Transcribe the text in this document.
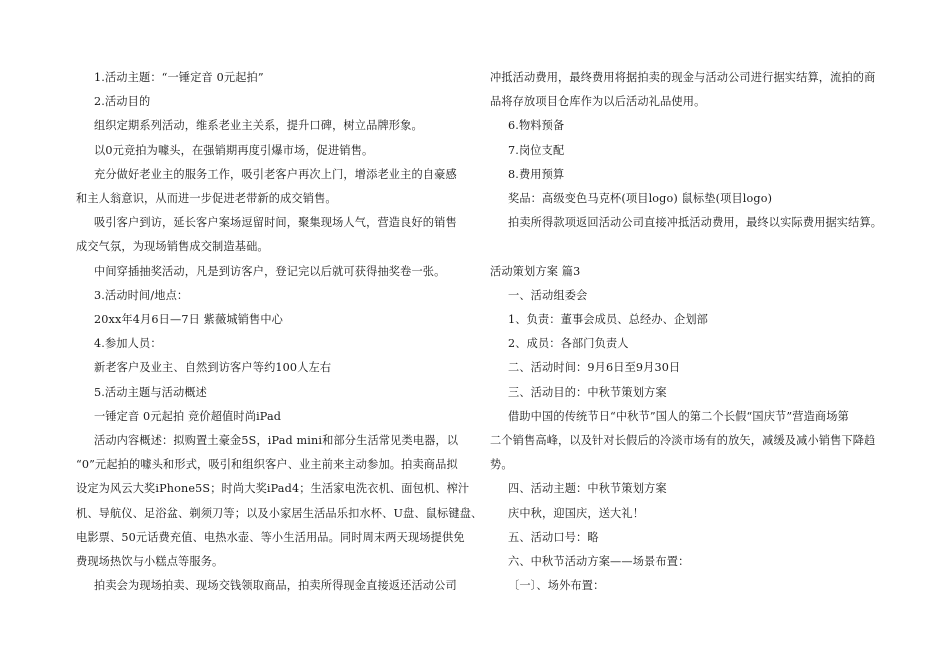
1.活动主题：“一锤定音 0元起拍”
2.活动目的
组织定期系列活动，维系老业主关系，提升口碑，树立品牌形象。
以0元竞拍为噱头，在强销期再度引爆市场，促进销售。
充分做好老业主的服务工作，吸引老客户再次上门，增添老业主的自豪感
和主人翁意识，从而进一步促进老带新的成交销售。
吸引客户到访，延长客户案场逗留时间，聚集现场人气，营造良好的销售
成交气氛，为现场销售成交制造基础。
中间穿插抽奖活动，凡是到访客户，登记完以后就可获得抽奖卷一张。
3.活动时间/地点：
20xx年4月6日—7日 紫薇城销售中心
4.参加人员：
新老客户及业主、自然到访客户等约100人左右
5.活动主题与活动概述
一锤定音 0元起拍 竞价超值时尚iPad
活动内容概述：拟购置土豪金5S，iPad mini和部分生活常见类电器，以
“0”元起拍的噱头和形式，吸引和组织客户、业主前来主动参加。拍卖商品拟
设定为风云大奖iPhone5S；时尚大奖iPad4；生活家电洗衣机、面包机、榨汁
机、导航仪、足浴盆、剃须刀等；以及小家居生活品乐扣水杯、U盘、鼠标键盘、
电影票、50元话费充值、电热水壶、等小生活用品。同时周末两天现场提供免
费现场热饮与小糕点等服务。
拍卖会为现场拍卖、现场交钱领取商品，拍卖所得现金直接返还活动公司
冲抵活动费用，最终费用将据拍卖的现金与活动公司进行据实结算，流拍的商
品将存放项目仓库作为以后活动礼品使用。
6.物料预备
7.岗位支配
8.费用预算
奖品：高级变色马克杯(项目logo) 鼠标垫(项目logo)
拍卖所得款项返回活动公司直接冲抵活动费用，最终以实际费用据实结算。
活动策划方案 篇3
一、活动组委会
1、负责：董事会成员、总经办、企划部
2、成员：各部门负责人
二、活动时间：9月6日至9月30日
三、活动目的：中秋节策划方案
借助中国的传统节日“中秋节”国人的第二个长假“国庆节”营造商场第
二个销售高峰，以及针对长假后的冷淡市场有的放矢，减缓及减小销售下降趋
势。
四、活动主题：中秋节策划方案
庆中秋，迎国庆，送大礼！
五、活动口号：略
六、中秋节活动方案——场景布置：
〔一〕、场外布置：
